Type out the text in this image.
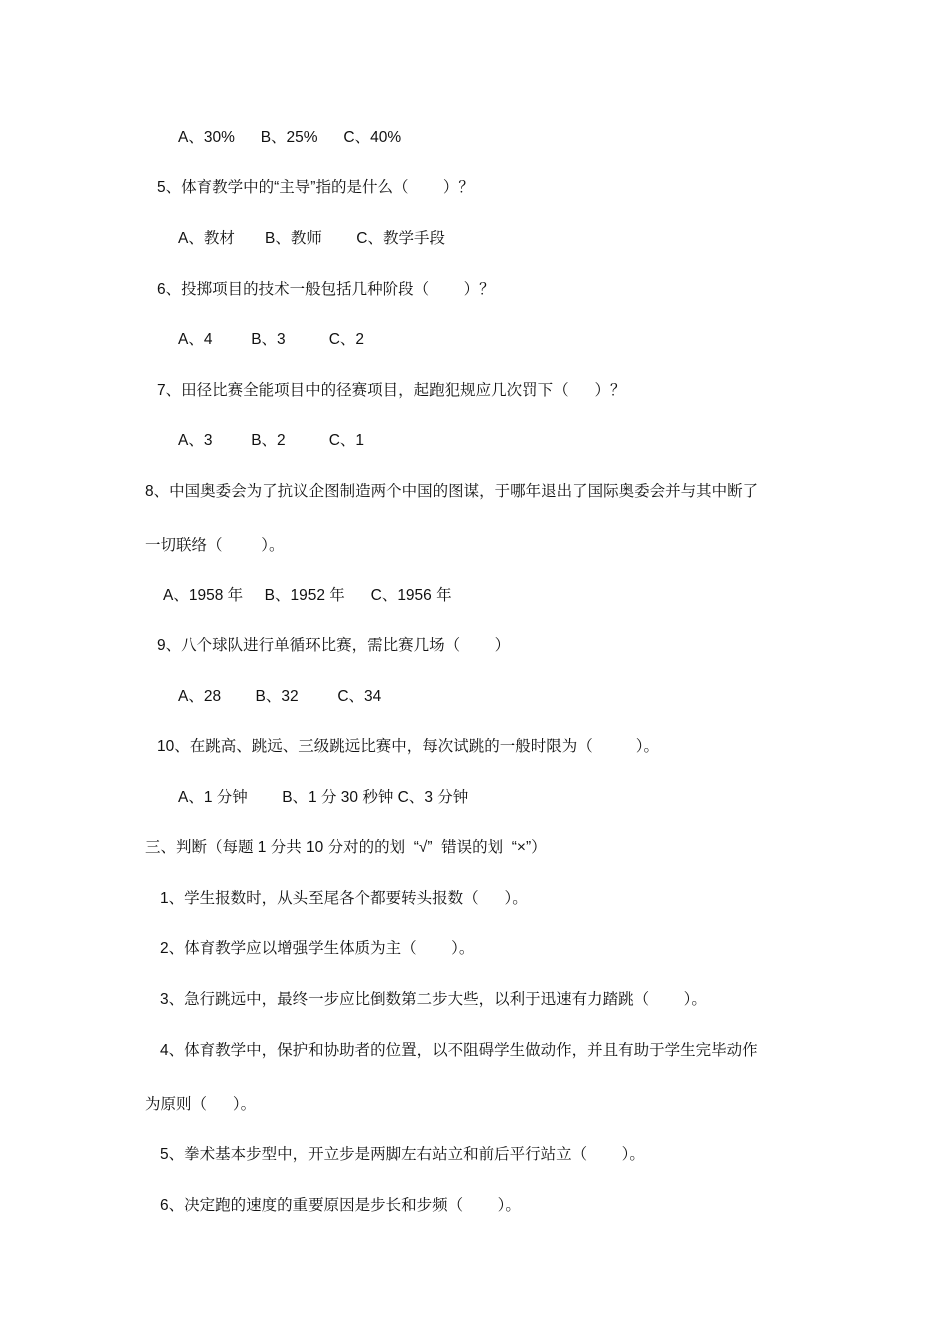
A、30%      B、25%      C、40%
5、体育教学中的“主导”指的是什么（        ）？
A、教材       B、教师        C、教学手段
6、投掷项目的技术一般包括几种阶段（        ）？
A、4         B、3          C、2
7、田径比赛全能项目中的径赛项目，起跑犯规应几次罚下（      ）？
A、3         B、2          C、1
8、中国奥委会为了抗议企图制造两个中国的图谋，于哪年退出了国际奥委会并与其中断了
一切联络（         ）。
A、1958 年     B、1952 年      C、1956 年
9、八个球队进行单循环比赛，需比赛几场（        ）
A、28        B、32         C、34
10、在跳高、跳远、三级跳远比赛中，每次试跳的一般时限为（          ）。
A、1 分钟        B、1 分 30 秒钟 C、3 分钟
三、判断（每题 1 分共 10 分对的的划  “√”  错误的划  “×”）
1、学生报数时，从头至尾各个都要转头报数（      ）。
2、体育教学应以增强学生体质为主（        ）。
3、急行跳远中，最终一步应比倒数第二步大些，以利于迅速有力踏跳（        ）。
4、体育教学中，保护和协助者的位置，以不阻碍学生做动作，并且有助于学生完毕动作
为原则（      ）。
5、拳术基本步型中，开立步是两脚左右站立和前后平行站立（        ）。
6、决定跑的速度的重要原因是步长和步频（        ）。
